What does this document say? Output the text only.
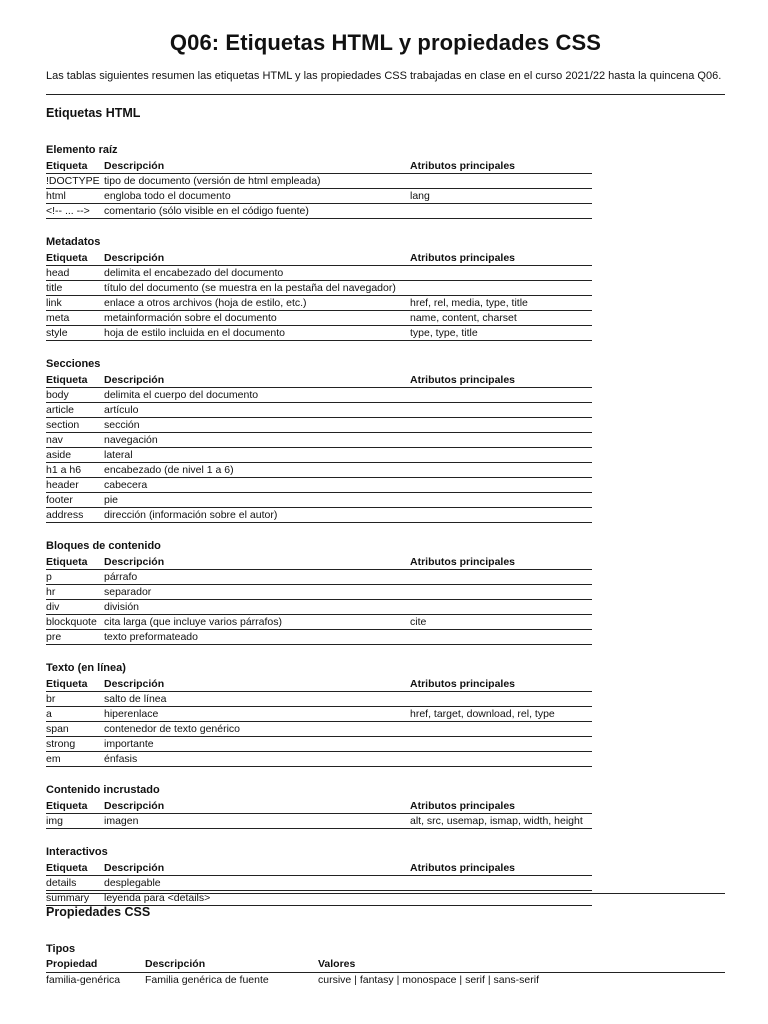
Q06: Etiquetas HTML y propiedades CSS
Las tablas siguientes resumen las etiquetas HTML y las propiedades CSS trabajadas en clase en el curso 2021/22 hasta la quincena Q06.
Etiquetas HTML
Elemento raíz
Etiqueta	Descripción	Atributos principales
!DOCTYPE	tipo de documento (versión de html empleada)	
html	engloba todo el documento	lang
<!-- ... -->	comentario (sólo visible en el código fuente)	
Metadatos
Etiqueta	Descripción	Atributos principales
head	delimita el encabezado del documento	
title	título del documento (se muestra en la pestaña del navegador)	
link	enlace a otros archivos (hoja de estilo, etc.)	href, rel, media, type, title
meta	metainformación sobre el documento	name, content, charset
style	hoja de estilo incluida en el documento	type, type, title
Secciones
Etiqueta	Descripción	Atributos principales
body	delimita el cuerpo del documento	
article	artículo	
section	sección	
nav	navegación	
aside	lateral	
h1 a h6	encabezado (de nivel 1 a 6)	
header	cabecera	
footer	pie	
address	dirección (información sobre el autor)	
Bloques de contenido
Etiqueta	Descripción	Atributos principales
p	párrafo	
hr	separador	
div	división	
blockquote	cita larga (que incluye varios párrafos)	cite
pre	texto preformateado	
Texto (en línea)
Etiqueta	Descripción	Atributos principales
br	salto de línea	
a	hiperenlace	href, target, download, rel, type
span	contenedor de texto genérico	
strong	importante	
em	énfasis	
Contenido incrustado
Etiqueta	Descripción	Atributos principales
img	imagen	alt, src, usemap, ismap, width, height
Interactivos
Etiqueta	Descripción	Atributos principales
details	desplegable	
summary	leyenda para <details>	
Propiedades CSS
Tipos
Propiedad	Descripción	Valores
familia-genérica	Familia genérica de fuente	cursive | fantasy | monospace | serif | sans-serif
